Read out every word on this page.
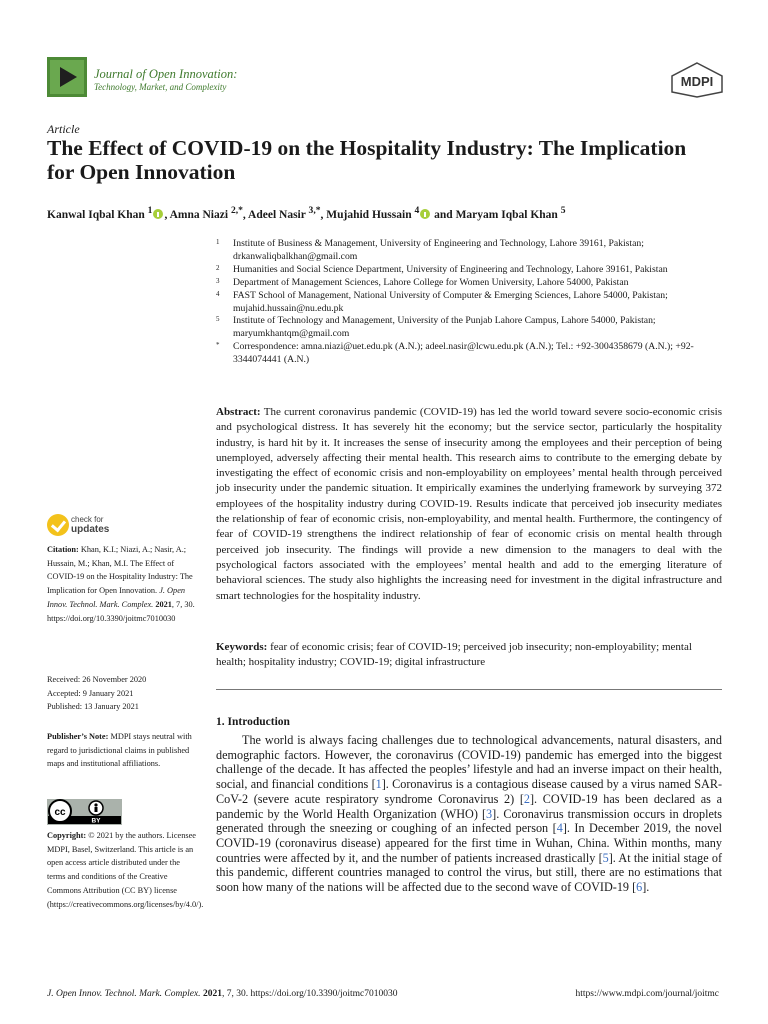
Journal of Open Innovation:
Technology, Market, and Complexity	MDPI
Article
The Effect of COVID-19 on the Hospitality Industry: The Implication for Open Innovation
Kanwal Iqbal Khan $^1$ , Amna Niazi $^{2,*}$, Adeel Nasir $^{3,*}$, Mujahid Hussain $^4$ and Maryam Iqbal Khan $^5$
1 Institute of Business & Management, University of Engineering and Technology, Lahore 39161, Pakistan; drkanwaliqbalkhan@gmail.com
2 Humanities and Social Science Department, University of Engineering and Technology, Lahore 39161, Pakistan
3 Department of Management Sciences, Lahore College for Women University, Lahore 54000, Pakistan
4 FAST School of Management, National University of Computer & Emerging Sciences, Lahore 54000, Pakistan; mujahid.hussain@nu.edu.pk
5 Institute of Technology and Management, University of the Punjab Lahore Campus, Lahore 54000, Pakistan; maryumkhantqm@gmail.com
* Correspondence: amna.niazi@uet.edu.pk (A.N.); adeel.nasir@lcwu.edu.pk (A.N.); Tel.: +92-3004358679 (A.N.); +92-3344074441 (A.N.)
check for
updates
Citation: Khan, K.I.; Niazi, A.; Nasir, A.; Hussain, M.; Khan, M.I. The Effect of COVID-19 on the Hospitality Industry: The Implication for Open Innovation. J. Open Innov. Technol. Mark. Complex. 2021, 7, 30. https://doi.org/10.3390/joitmc7010030
Received: 26 November 2020
Accepted: 9 January 2021
Published: 13 January 2021
Publisher’s Note: MDPI stays neutral with regard to jurisdictional claims in published maps and institutional affiliations.
cc
BY
Copyright: © 2021 by the authors. Licensee MDPI, Basel, Switzerland. This article is an open access article distributed under the terms and conditions of the Creative Commons Attribution (CC BY) license (https://creativecommons.org/licenses/by/4.0/).
Abstract: The current coronavirus pandemic (COVID-19) has led the world toward severe socio-economic crisis and psychological distress. It has severely hit the economy; but the service sector, particularly the hospitality industry, is hard hit by it. It increases the sense of insecurity among the employees and their perception of being unemployed, adversely affecting their mental health. This research aims to contribute to the emerging debate by investigating the effect of economic crisis and non-employability on employees’ mental health through perceived job insecurity under the pandemic situation. It empirically examines the underlying framework by surveying 372 employees of the hospitality industry during COVID-19. Results indicate that perceived job insecurity mediates the relationship of fear of economic crisis, non-employability, and mental health. Furthermore, the contingency of fear of COVID-19 strengthens the indirect relationship of fear of economic crisis on mental health through perceived job insecurity. The findings will provide a new dimension to the managers to deal with the psychological factors associated with the employees’ mental health and add to the emerging literature of behavioral sciences. The study also highlights the increasing need for investment in the digital infrastructure and smart technologies for the hospitality industry.
Keywords: fear of economic crisis; fear of COVID-19; perceived job insecurity; non-employability; mental health; hospitality industry; COVID-19; digital infrastructure
1. Introduction
The world is always facing challenges due to technological advancements, natural disasters, and demographic factors. However, the coronavirus (COVID-19) pandemic has emerged into the biggest challenge of the decade. It has affected the peoples’ lifestyle and had an inverse impact on their health, social, and financial conditions [1]. Coronavirus is a contagious disease caused by a virus named SAR-CoV-2 (severe acute respiratory syndrome Coronavirus 2) [2]. COVID-19 has been declared as a pandemic by the World Health Organization (WHO) [3]. Coronavirus transmission occurs in droplets generated through the sneezing or coughing of an infected person [4]. In December 2019, the novel COVID-19 (coronavirus disease) appeared for the first time in Wuhan, China. Within months, many countries were affected by it, and the number of patients increased drastically [5]. At the initial stage of this pandemic, different countries managed to control the virus, but still, there are no estimations that soon how many of the nations will be affected due to the second wave of COVID-19 [6].
J. Open Innov. Technol. Mark. Complex. 2021, 7, 30. https://doi.org/10.3390/joitmc7010030	https://www.mdpi.com/journal/joitmc
